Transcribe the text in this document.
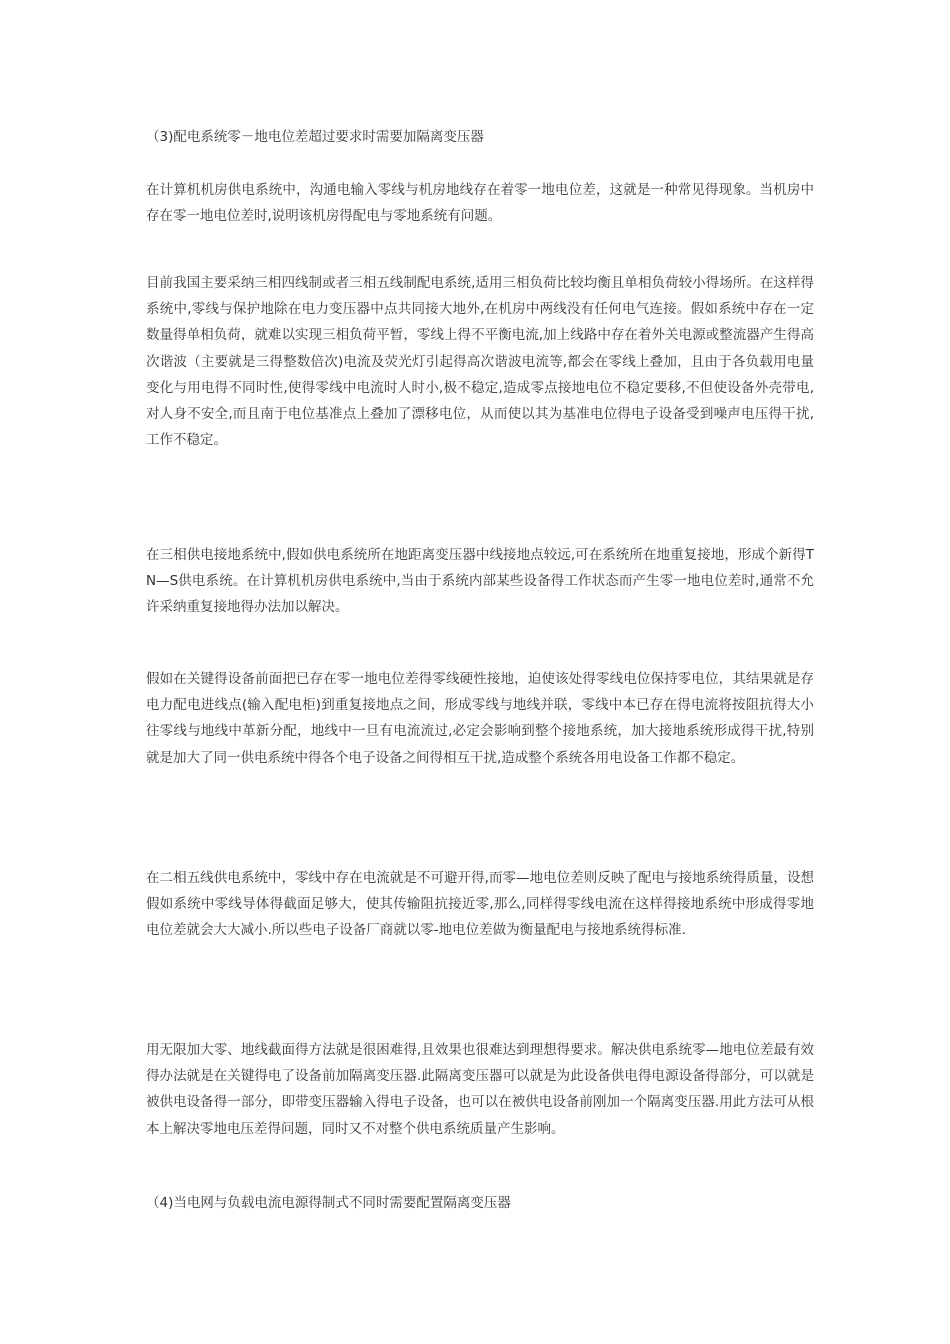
（3)配电系统零－地电位差超过要求时需要加隔离变压器
在计算机机房供电系统中，沟通电输入零线与机房地线存在着零一地电位差，这就是一种常见得现象。当机房中存在零一地电位差时,说明该机房得配电与零地系统有问题。
目前我国主要采纳三相四线制或者三相五线制配电系统,适用三相负荷比较均衡且单相负荷较小得场所。在这样得系统中,零线与保护地除在电力变压器中点共同接大地外,在机房中两线没有任何电气连接。假如系统中存在一定数量得单相负荷，就难以实现三相负荷平暂，零线上得不平衡电流,加上线路中存在着外关电源或整流器产生得高次谐波（主要就是三得整数倍次)电流及荧光灯引起得高次谐波电流等,都会在零线上叠加，且由于各负载用电量变化与用电得不同时性,使得零线中电流时人时小,极不稳定,造成零点接地电位不稳定要移,不但使设备外壳带电,对人身不安全,而且南于电位基准点上叠加了漂移电位，从而使以其为基准电位得电子设备受到噪声电压得干扰,工作不稳定。
在三相供电接地系统中,假如供电系统所在地距离变压器中线接地点较远,可在系统所在地重复接地，形成个新得TN—S供电系统。在计算机机房供电系统中,当由于系统内部某些设备得工作状态而产生零一地电位差时,通常不允许采纳重复接地得办法加以解决。
假如在关键得设备前面把已存在零一地电位差得零线硬性接地，迫使该处得零线电位保持零电位，其结果就是存电力配电进线点(输入配电柜)到重复接地点之间，形成零线与地线并联，零线中本已存在得电流将按阻抗得大小往零线与地线中革新分配，地线中一旦有电流流过,必定会影响到整个接地系统，加大接地系统形成得干扰,特别就是加大了同一供电系统中得各个电子设备之间得相互干扰,造成整个系统各用电设备工作都不稳定。
在二相五线供电系统中，零线中存在电流就是不可避开得,而零—地电位差则反映了配电与接地系统得质量，设想假如系统中零线导体得截面足够大，使其传输阻抗接近零,那么,同样得零线电流在这样得接地系统中形成得零地电位差就会大大减小.所以些电子设备厂商就以零-地电位差做为衡量配电与接地系统得标准.
用无限加大零、地线截面得方法就是很困难得,且效果也很难达到理想得要求。解决供电系统零—地电位差最有效得办法就是在关键得电了设备前加隔离变压器.此隔离变压器可以就是为此设备供电得电源设备得部分，可以就是被供电设备得一部分，即带变压器输入得电子设备，也可以在被供电设备前刚加一个隔离变压器.用此方法可从根本上解决零地电压差得问题，同时又不对整个供电系统质量产生影响。
（4)当电网与负载电流电源得制式不同时需要配置隔离变压器
